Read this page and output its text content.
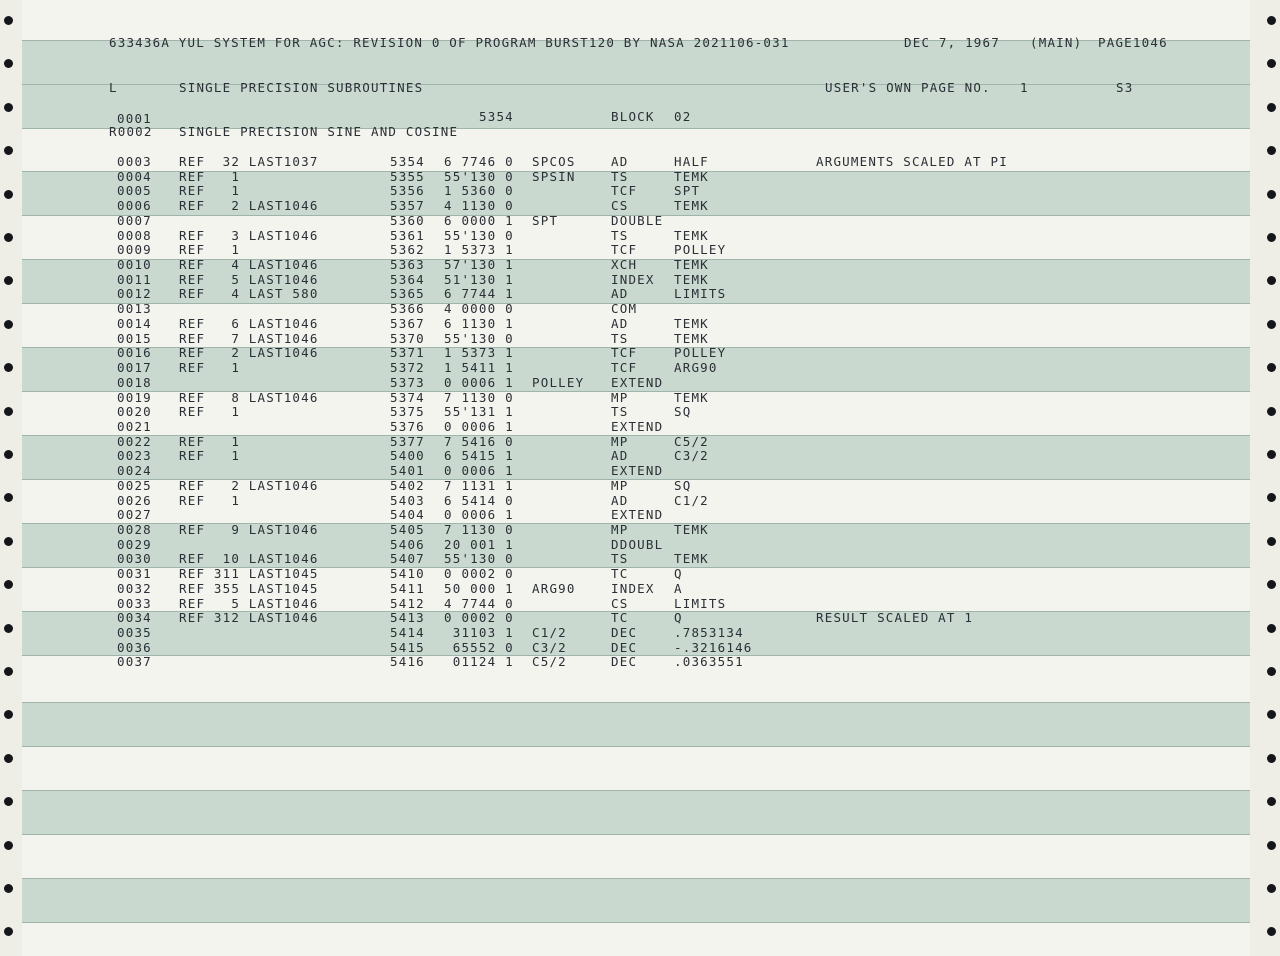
633436A YUL SYSTEM FOR AGC: REVISION 0 OF PROGRAM BURST120 BY NASA 2021106-031	DEC 7, 1967 (MAIN) PAGE1046
L	SINGLE PRECISION SUBROUTINES	USER'S OWN PAGE NO. 1	S3
0001	5354	BLOCK 02
R0002 SINGLE PRECISION SINE AND COSINE
0003 REF  32 LAST1037	5354 6 7746 0 SPCOS	AD	HALF	ARGUMENTS SCALED AT PI
0004 REF   1	5355 55'130 0 SPSIN	TS	TEMK
0005 REF   1	5356 1 5360 0	TCF	SPT
0006 REF   2 LAST1046	5357 4 1130 0	CS	TEMK
0007	5360 6 0000 1 SPT	DOUBLE
0008 REF   3 LAST1046	5361 55'130 0	TS	TEMK
0009 REF   1	5362 1 5373 1	TCF	POLLEY
0010 REF   4 LAST1046	5363 57'130 1	XCH	TEMK
0011 REF   5 LAST1046	5364 51'130 1	INDEX TEMK
0012 REF   4 LAST 580	5365 6 7744 1	AD	LIMITS
0013	5366 4 0000 0	COM
0014 REF   6 LAST1046	5367 6 1130 1	AD	TEMK
0015 REF   7 LAST1046	5370 55'130 0	TS	TEMK
0016 REF   2 LAST1046	5371 1 5373 1	TCF	POLLEY
0017 REF   1	5372 1 5411 1	TCF	ARG90
0018	5373 0 0006 1 POLLEY EXTEND
0019 REF   8 LAST1046	5374 7 1130 0	MP	TEMK
0020 REF   1	5375 55'131 1	TS	SQ
0021	5376 0 0006 1	EXTEND
0022 REF   1	5377 7 5416 0	MP	C5/2
0023 REF   1	5400 6 5415 1	AD	C3/2
0024	5401 0 0006 1	EXTEND
0025 REF   2 LAST1046	5402 7 1131 1	MP	SQ
0026 REF   1	5403 6 5414 0	AD	C1/2
0027	5404 0 0006 1	EXTEND
0028 REF   9 LAST1046	5405 7 1130 0	MP	TEMK
0029	5406 20 001 1	DDOUBL
0030 REF  10 LAST1046	5407 55'130 0	TS	TEMK
0031 REF 311 LAST1045	5410 0 0002 0	TC	Q
0032 REF 355 LAST1045	5411 50 000 1 ARG90	INDEX A
0033 REF   5 LAST1046	5412 4 7744 0	CS	LIMITS
0034 REF 312 LAST1046	5413 0 0002 0	TC	Q	RESULT SCALED AT 1
0035	5414 31103 1 C1/2	DEC	.7853134
0036	5415 65552 0 C3/2	DEC	-.3216146
0037	5416 01124 1 C5/2	DEC	.0363551
